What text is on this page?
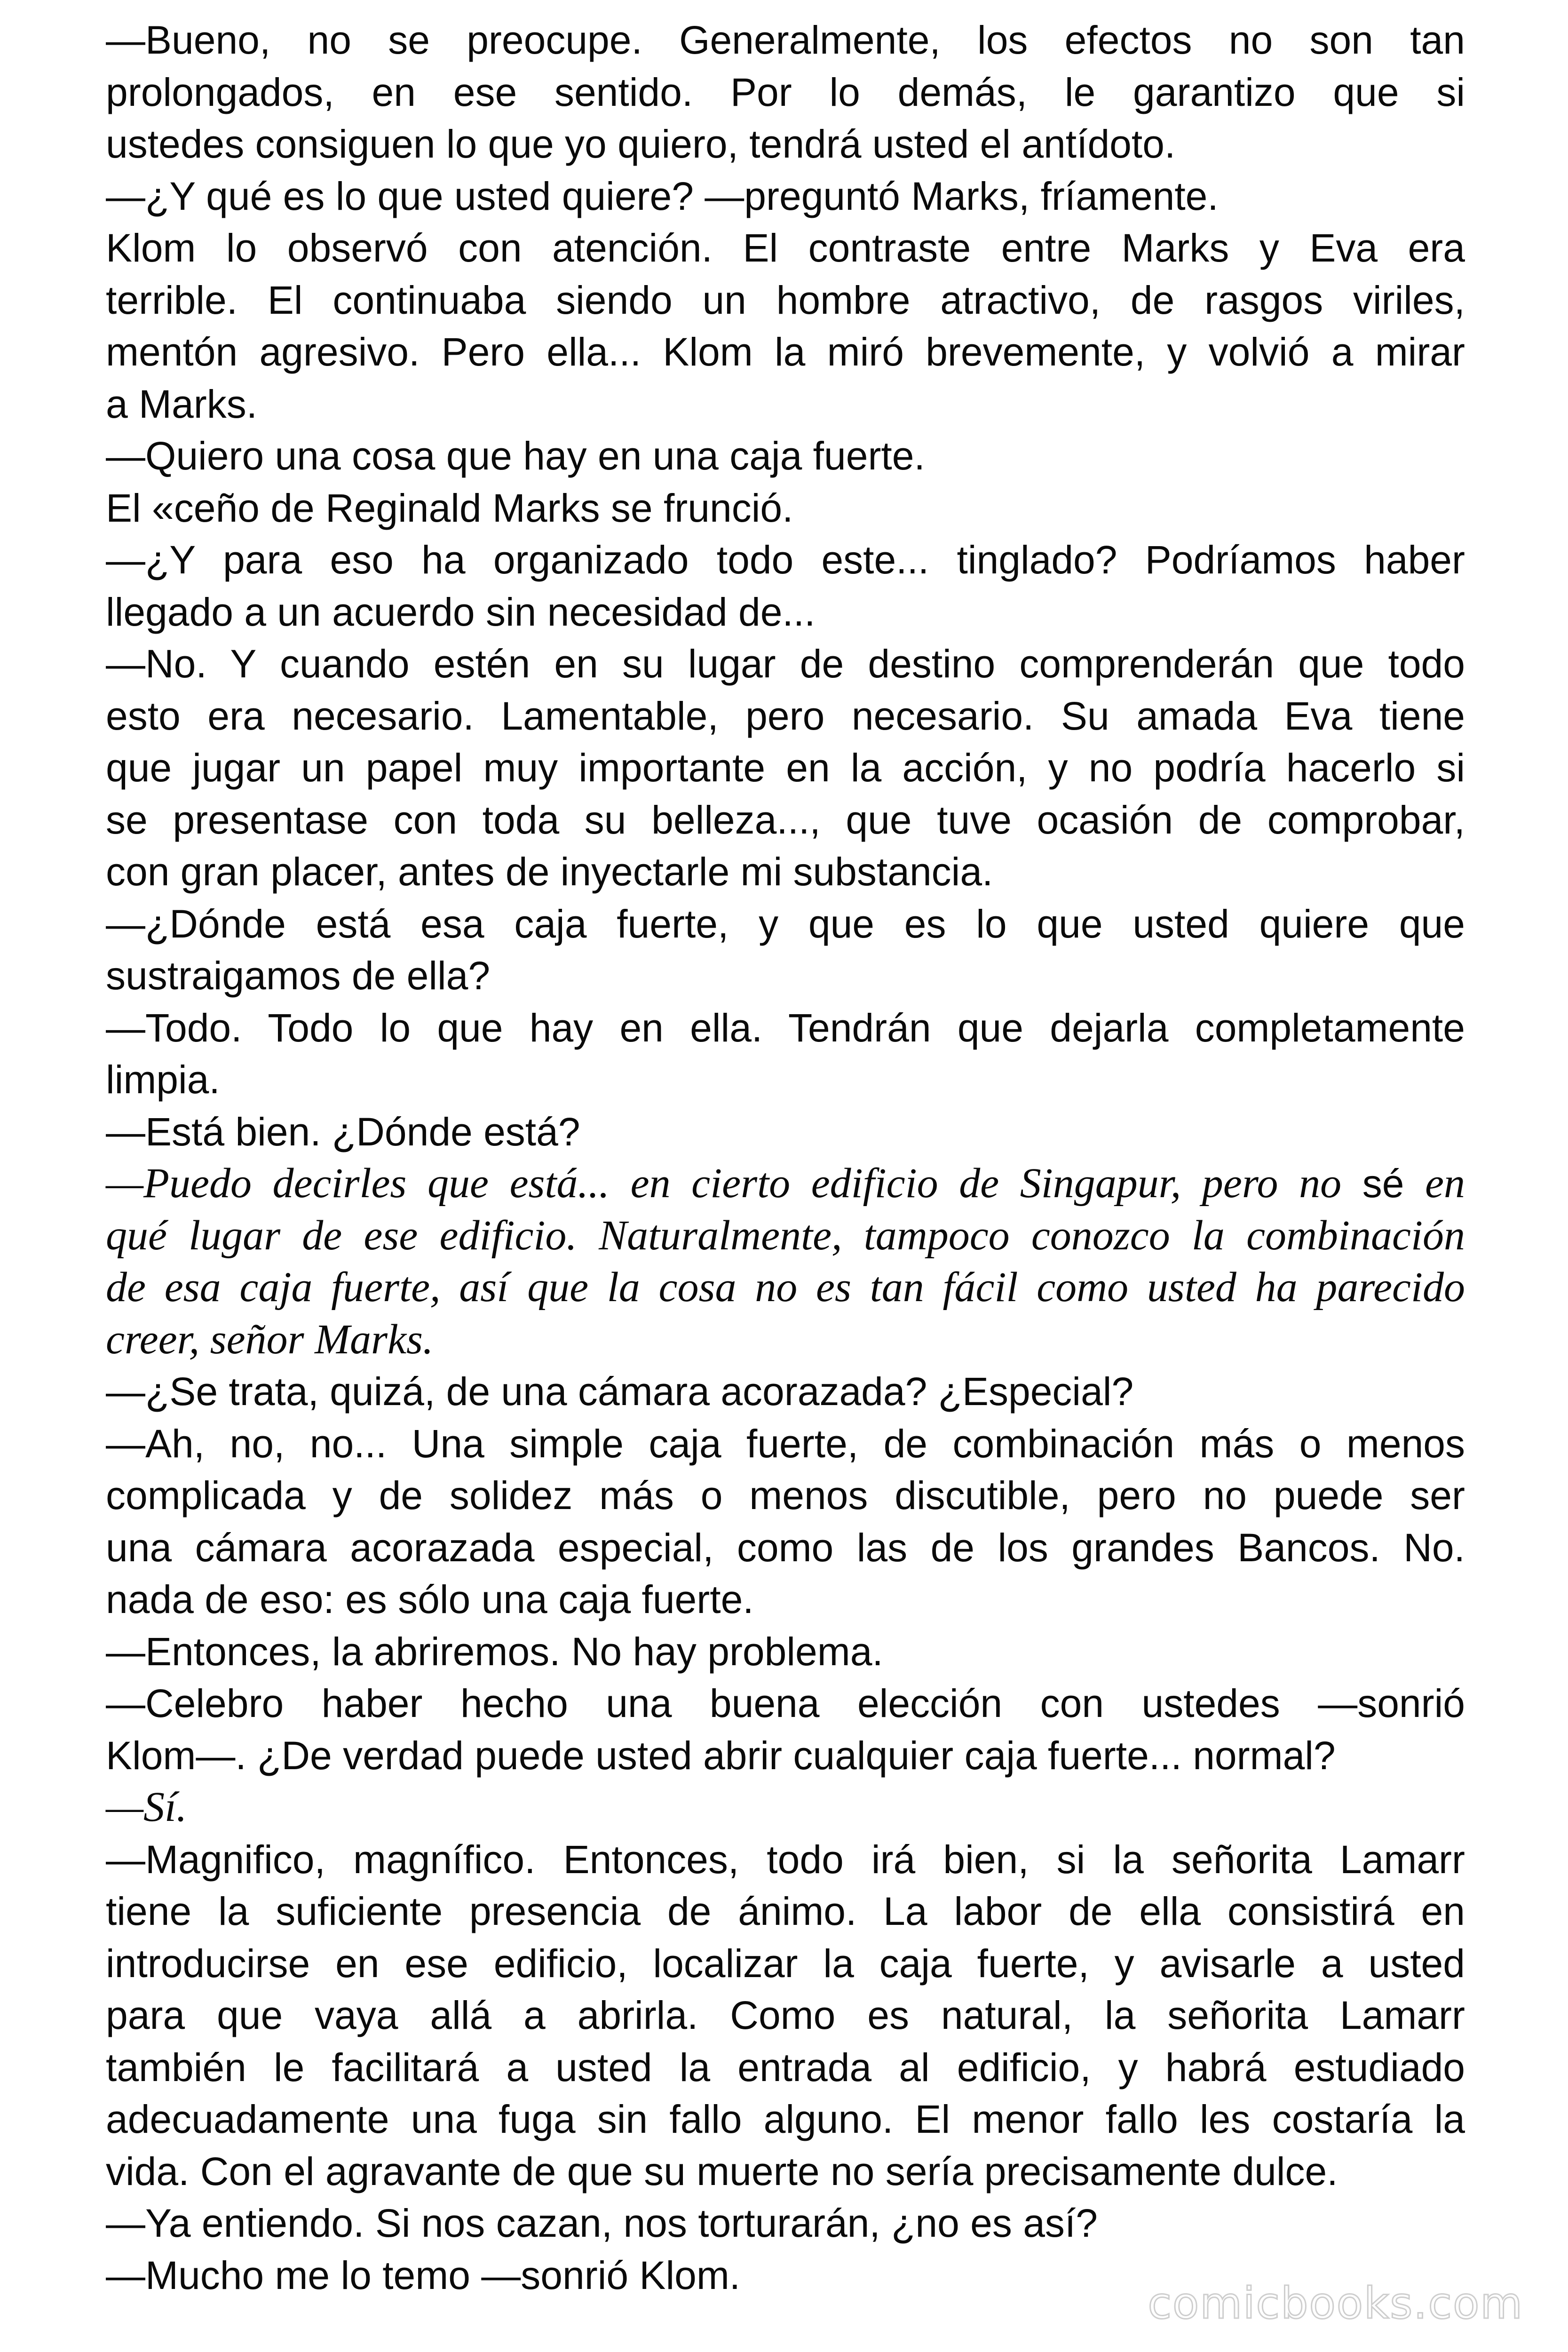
—Bueno, no se preocupe. Generalmente, los efectos no son tan
prolongados, en ese sentido. Por lo demás, le garantizo que si
ustedes consiguen lo que yo quiero, tendrá usted el antídoto.
—¿Y qué es lo que usted quiere? —preguntó Marks, fríamente.
Klom lo observó con atención. El contraste entre Marks y Eva era
terrible. El continuaba siendo un hombre atractivo, de rasgos viriles,
mentón agresivo. Pero ella... Klom la miró brevemente, y volvió a mirar
a Marks.
—Quiero una cosa que hay en una caja fuerte.
El «ceño de Reginald Marks se frunció.
—¿Y para eso ha organizado todo este... tinglado? Podríamos haber
llegado a un acuerdo sin necesidad de...
—No. Y cuando estén en su lugar de destino comprenderán que todo
esto era necesario. Lamentable, pero necesario. Su amada Eva tiene
que jugar un papel muy importante en la acción, y no podría hacerlo si
se presentase con toda su belleza..., que tuve ocasión de comprobar,
con gran placer, antes de inyectarle mi substancia.
—¿Dónde está esa caja fuerte, y que es lo que usted quiere que
sustraigamos de ella?
—Todo. Todo lo que hay en ella. Tendrán que dejarla completamente
limpia.
—Está bien. ¿Dónde está?
—Puedo decirles que está... en cierto edificio de Singapur, pero no sé en
qué lugar de ese edificio. Naturalmente, tampoco conozco la combinación
de esa caja fuerte, así que la cosa no es tan fácil como usted ha parecido
creer, señor Marks.
—¿Se trata, quizá, de una cámara acorazada? ¿Especial?
—Ah, no, no... Una simple caja fuerte, de combinación más o menos
complicada y de solidez más o menos discutible, pero no puede ser
una cámara acorazada especial, como las de los grandes Bancos. No.
nada de eso: es sólo una caja fuerte.
—Entonces, la abriremos. No hay problema.
—Celebro haber hecho una buena elección con ustedes —sonrió
Klom—. ¿De verdad puede usted abrir cualquier caja fuerte... normal?
—Sí.
—Magnifico, magnífico. Entonces, todo irá bien, si la señorita Lamarr
tiene la suficiente presencia de ánimo. La labor de ella consistirá en
introducirse en ese edificio, localizar la caja fuerte, y avisarle a usted
para que vaya allá a abrirla. Como es natural, la señorita Lamarr
también le facilitará a usted la entrada al edificio, y habrá estudiado
adecuadamente una fuga sin fallo alguno. El menor fallo les costaría la
vida. Con el agravante de que su muerte no sería precisamente dulce.
—Ya entiendo. Si nos cazan, nos torturarán, ¿no es así?
—Mucho me lo temo —sonrió Klom.
comicbooks.com
